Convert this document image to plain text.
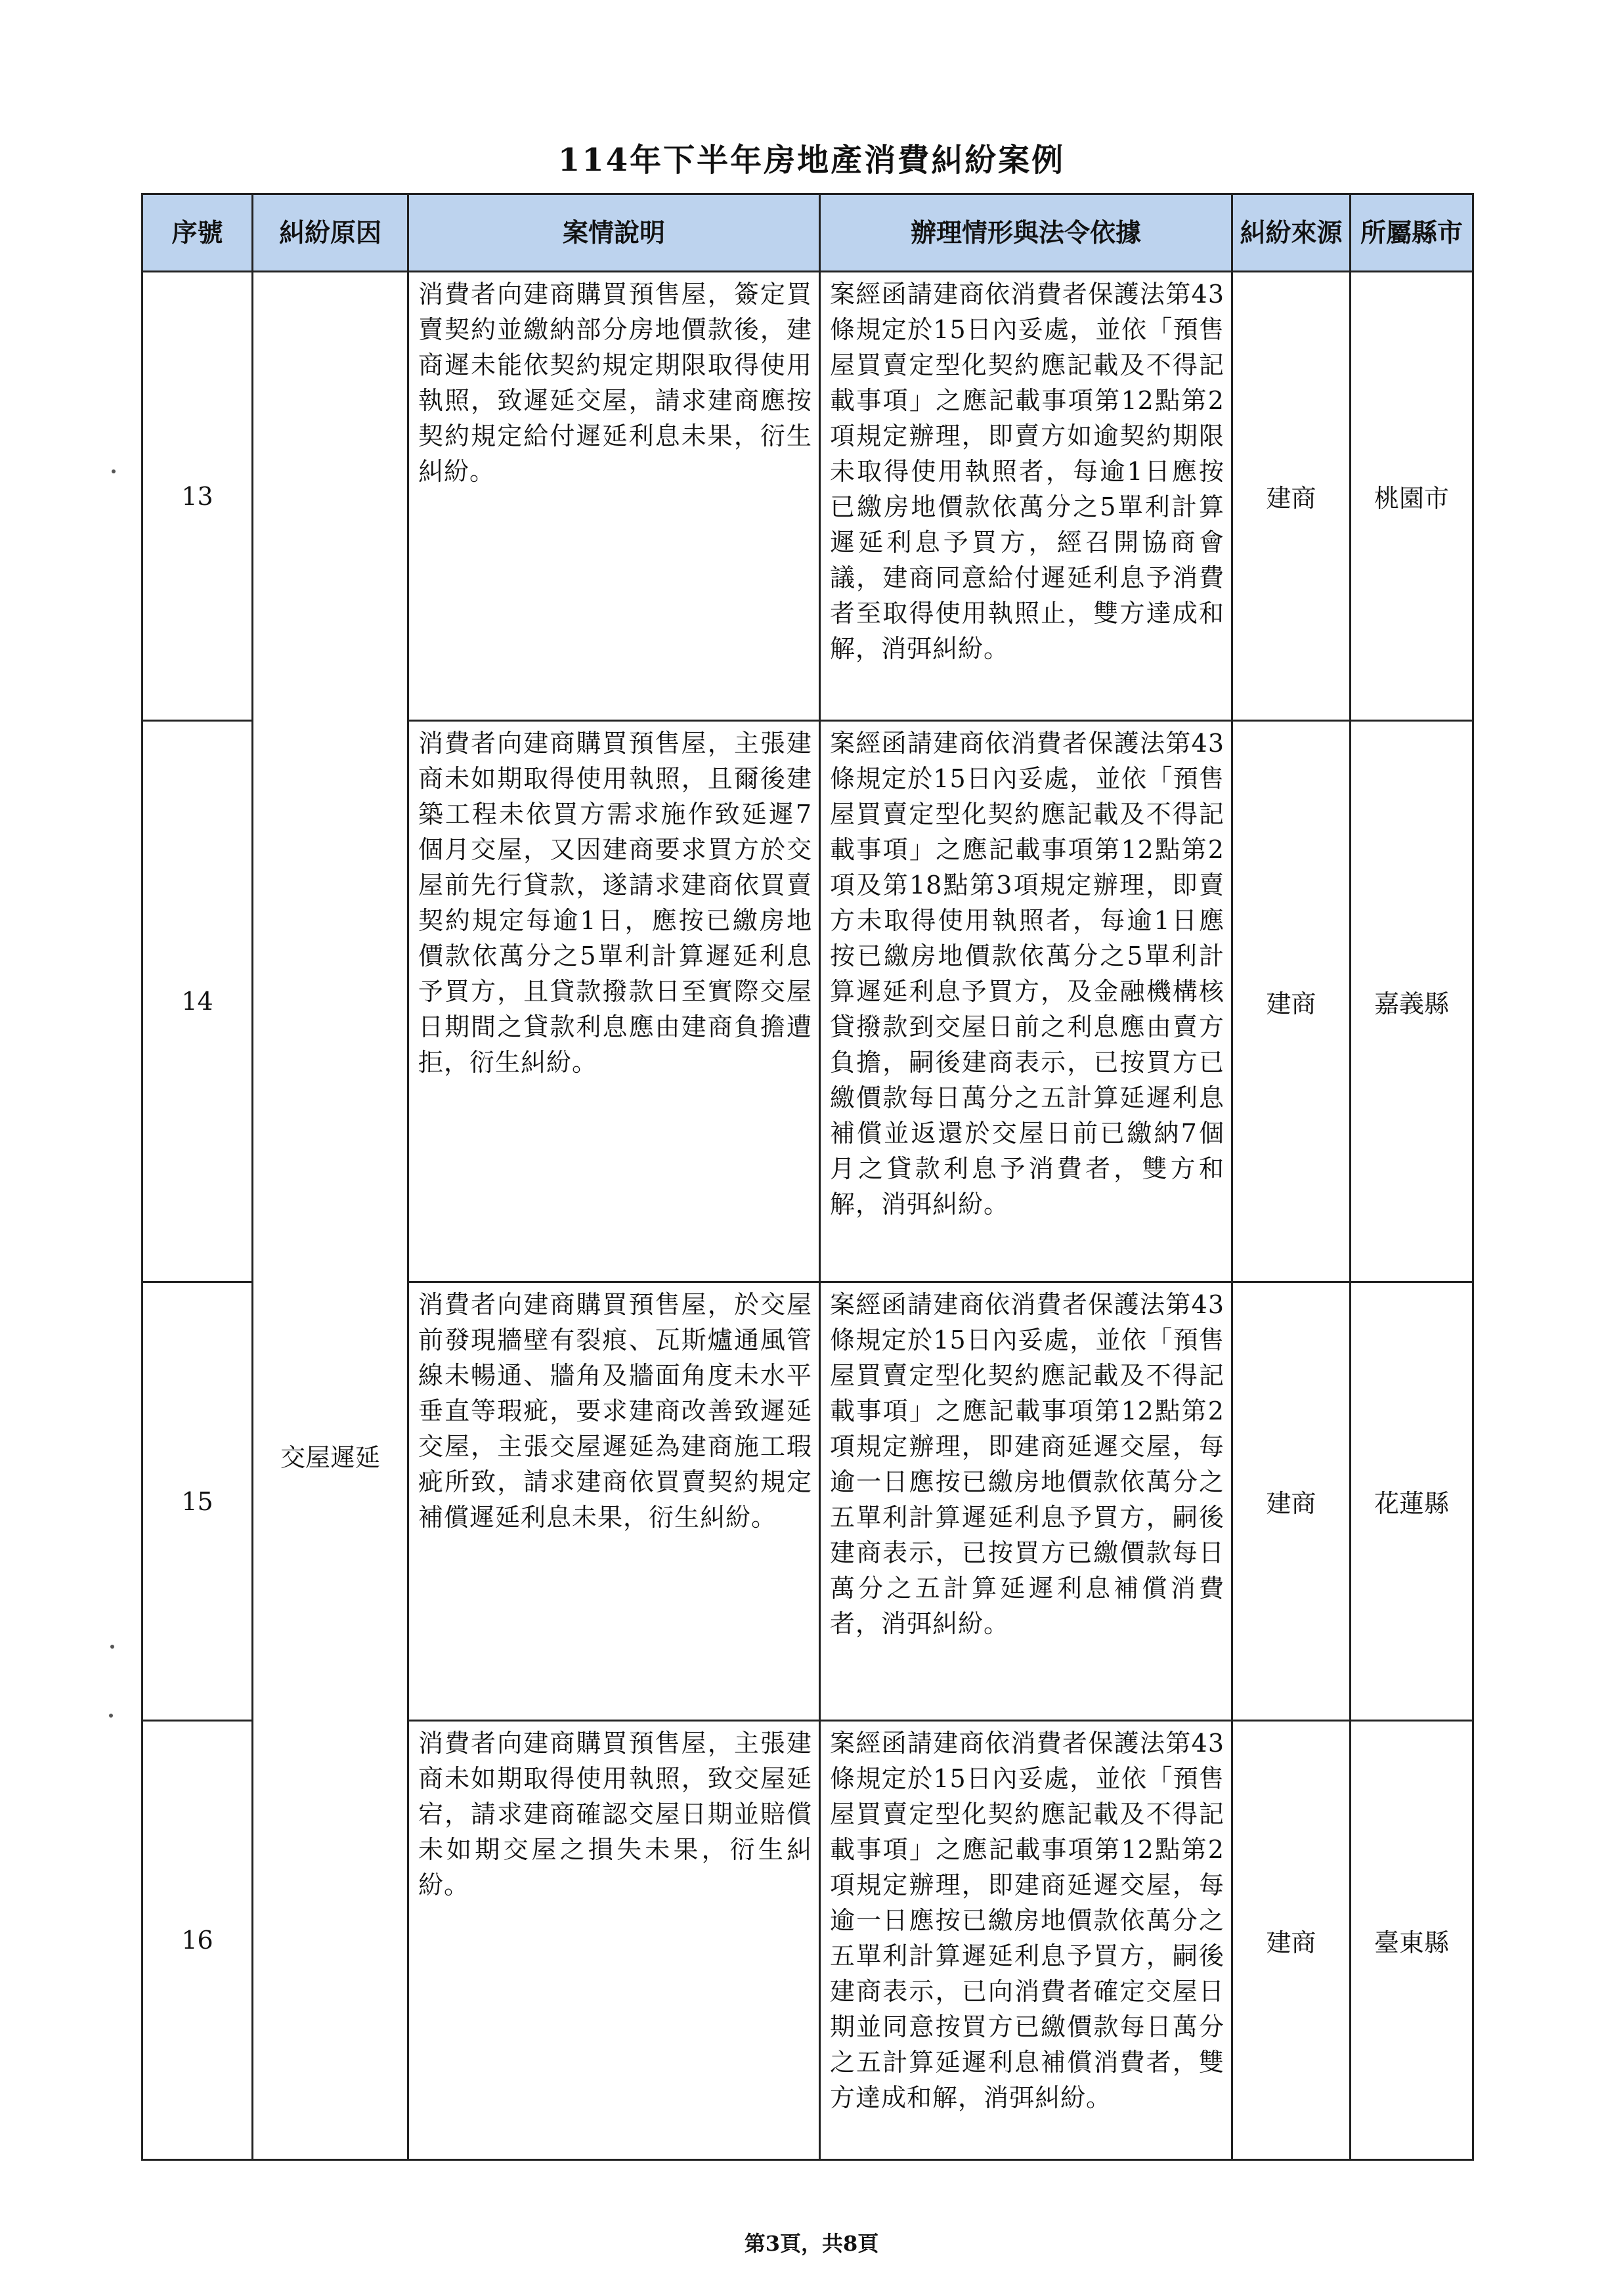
114年下半年房地產消費糾紛案例
序號	糾紛原因	案情說明	辦理情形與法令依據	糾紛來源	所屬縣市
13	交屋遲延	消費者向建商購買預售屋，簽定買賣契約並繳納部分房地價款後，建商遲未能依契約規定期限取得使用執照，致遲延交屋，請求建商應按契約規定給付遲延利息未果，衍生糾紛。	案經函請建商依消費者保護法第43條規定於15日內妥處，並依「預售屋買賣定型化契約應記載及不得記載事項」之應記載事項第12點第2項規定辦理，即賣方如逾契約期限未取得使用執照者，每逾1日應按已繳房地價款依萬分之5單利計算遲延利息予買方，經召開協商會議，建商同意給付遲延利息予消費者至取得使用執照止，雙方達成和解，消弭糾紛。	建商	桃園市
14		消費者向建商購買預售屋，主張建商未如期取得使用執照，且爾後建築工程未依買方需求施作致延遲7個月交屋，又因建商要求買方於交屋前先行貸款，遂請求建商依買賣契約規定每逾1日，應按已繳房地價款依萬分之5單利計算遲延利息予買方，且貸款撥款日至實際交屋日期間之貸款利息應由建商負擔遭拒，衍生糾紛。	案經函請建商依消費者保護法第43條規定於15日內妥處，並依「預售屋買賣定型化契約應記載及不得記載事項」之應記載事項第12點第2項及第18點第3項規定辦理，即賣方未取得使用執照者，每逾1日應按已繳房地價款依萬分之5單利計算遲延利息予買方，及金融機構核貸撥款到交屋日前之利息應由賣方負擔，嗣後建商表示，已按買方已繳價款每日萬分之五計算延遲利息補償並返還於交屋日前已繳納7個月之貸款利息予消費者，雙方和解，消弭糾紛。	建商	嘉義縣
15		消費者向建商購買預售屋，於交屋前發現牆壁有裂痕、瓦斯爐通風管線未暢通、牆角及牆面角度未水平垂直等瑕疵，要求建商改善致遲延交屋，主張交屋遲延為建商施工瑕疵所致，請求建商依買賣契約規定補償遲延利息未果，衍生糾紛。	案經函請建商依消費者保護法第43條規定於15日內妥處，並依「預售屋買賣定型化契約應記載及不得記載事項」之應記載事項第12點第2項規定辦理，即建商延遲交屋，每逾一日應按已繳房地價款依萬分之五單利計算遲延利息予買方，嗣後建商表示，已按買方已繳價款每日萬分之五計算延遲利息補償消費者，消弭糾紛。	建商	花蓮縣
16		消費者向建商購買預售屋，主張建商未如期取得使用執照，致交屋延宕，請求建商確認交屋日期並賠償未如期交屋之損失未果，衍生糾紛。	案經函請建商依消費者保護法第43條規定於15日內妥處，並依「預售屋買賣定型化契約應記載及不得記載事項」之應記載事項第12點第2項規定辦理，即建商延遲交屋，每逾一日應按已繳房地價款依萬分之五單利計算遲延利息予買方，嗣後建商表示，已向消費者確定交屋日期並同意按買方已繳價款每日萬分之五計算延遲利息補償消費者，雙方達成和解，消弭糾紛。	建商	臺東縣
第3頁，共8頁
